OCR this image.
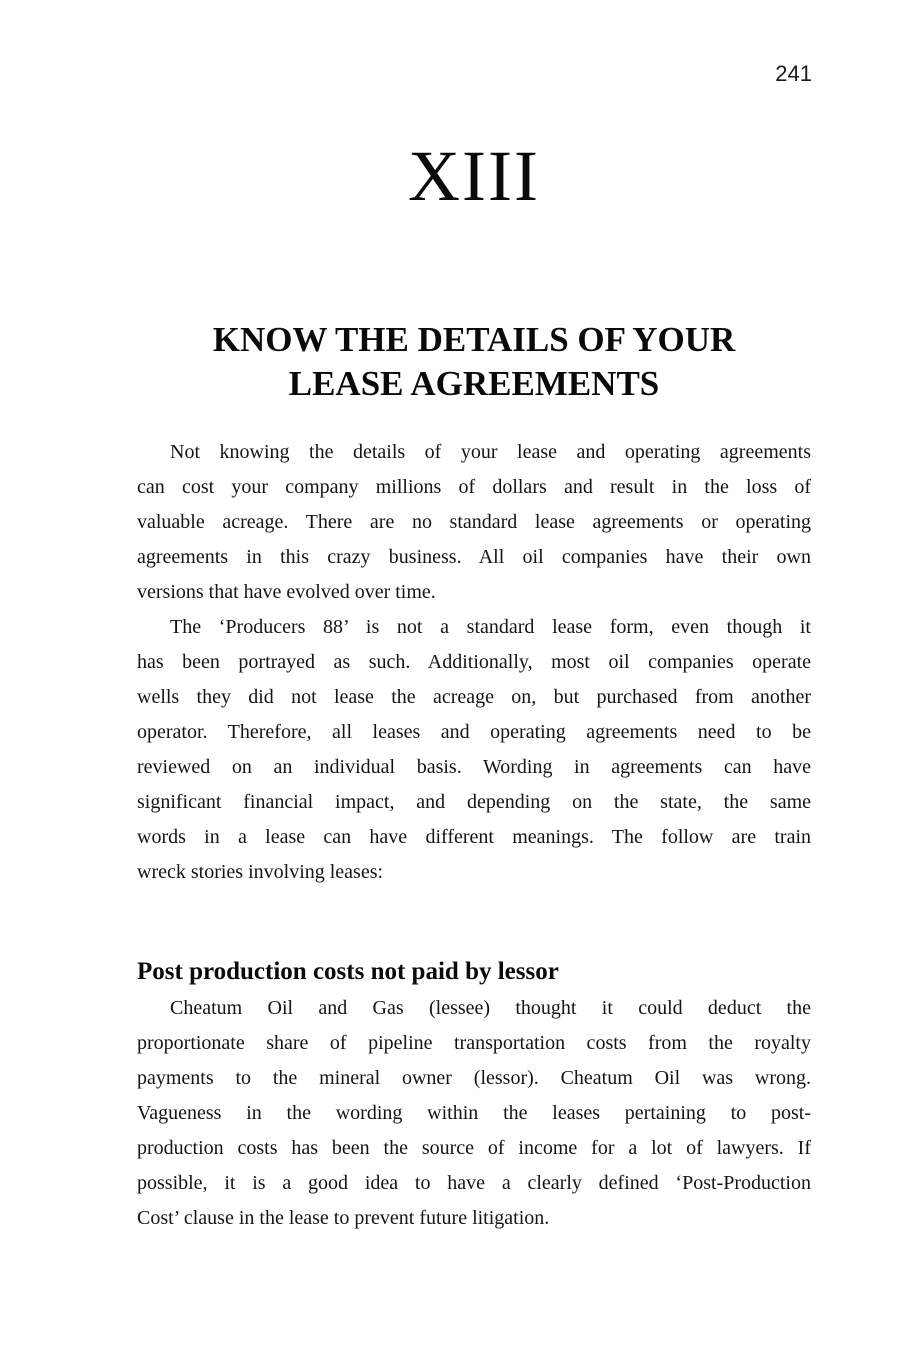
241
XIII
KNOW THE DETAILS OF YOUR
LEASE AGREEMENTS
Not knowing the details of your lease and operating agreements
can cost your company millions of dollars and result in the loss of
valuable acreage. There are no standard lease agreements or operating
agreements in this crazy business. All oil companies have their own
versions that have evolved over time.
The ‘Producers 88’ is not a standard lease form, even though it
has been portrayed as such. Additionally, most oil companies operate
wells they did not lease the acreage on, but purchased from another
operator. Therefore, all leases and operating agreements need to be
reviewed on an individual basis. Wording in agreements can have
significant financial impact, and depending on the state, the same
words in a lease can have different meanings. The follow are train
wreck stories involving leases:
Post production costs not paid by lessor
Cheatum Oil and Gas (lessee) thought it could deduct the
proportionate share of pipeline transportation costs from the royalty
payments to the mineral owner (lessor). Cheatum Oil was wrong.
Vagueness in the wording within the leases pertaining to post-
production costs has been the source of income for a lot of lawyers. If
possible, it is a good idea to have a clearly defined ‘Post-Production
Cost’ clause in the lease to prevent future litigation.
